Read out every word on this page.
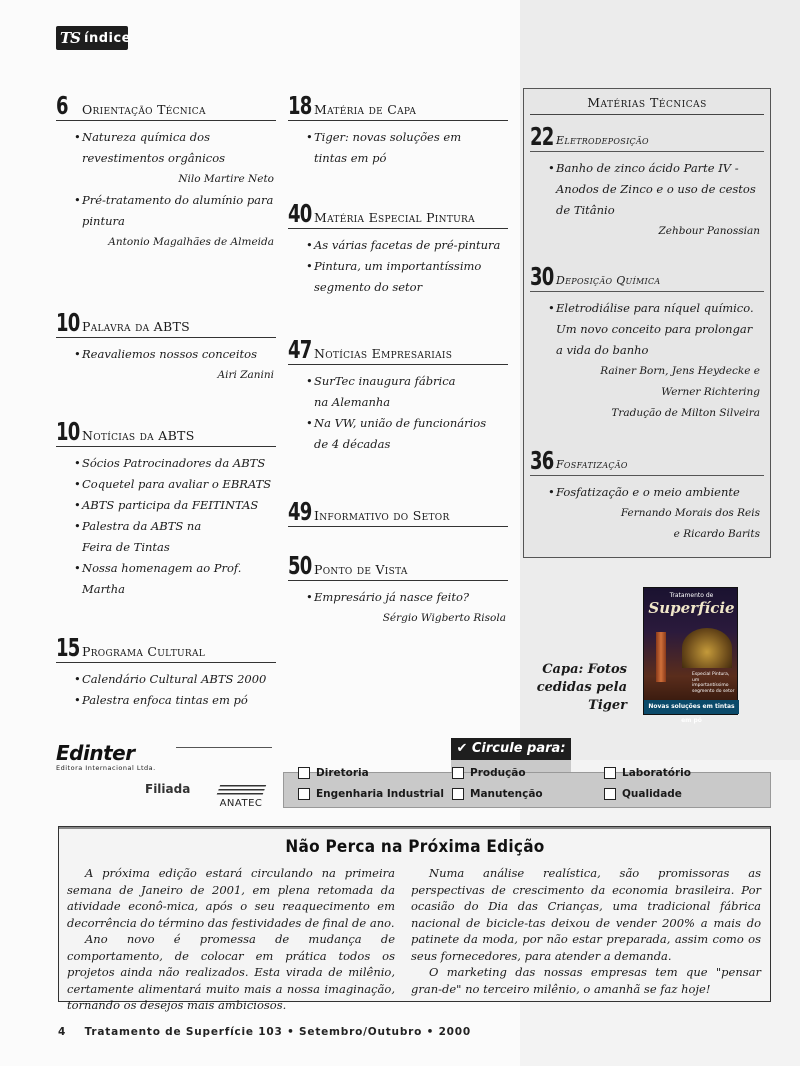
TS índice
6	Orientação Técnica
• Natureza química dos revestimentos orgânicos
Nilo Martire Neto
• Pré-tratamento do alumínio para pintura
Antonio Magalhães de Almeida
10 Palavra da ABTS
• Reavaliemos nossos conceitos
Airi Zanini
10 Notícias da ABTS
• Sócios Patrocinadores da ABTS
• Coquetel para avaliar o EBRATS
• ABTS participa da FEITINTAS
• Palestra da ABTS na Feira de Tintas
• Nossa homenagem ao Prof. Martha
15 Programa Cultural
• Calendário Cultural ABTS 2000
• Palestra enfoca tintas em pó
18 Matéria de Capa
• Tiger: novas soluções em tintas em pó
40 Matéria Especial Pintura
• As várias facetas de pré-pintura
• Pintura, um importantíssimo segmento do setor
47 Notícias Empresariais
• SurTec inaugura fábrica na Alemanha
• Na VW, união de funcionários de 4 décadas
49 Informativo do Setor
50 Ponto de Vista
• Empresário já nasce feito?
Sérgio Wigberto Risola
Matérias Técnicas
22 Eletrodeposição
• Banho de zinco ácido Parte IV - Anodos de Zinco e o uso de cestos de Titânio
Zehbour Panossian
30 Deposição Química
• Eletrodiálise para níquel químico. Um novo conceito para prolongar a vida do banho
Rainer Born, Jens Heydecke e
Werner Richtering
Tradução de Milton Silveira
36 Fosfatização
• Fosfatização e o meio ambiente
Fernando Morais dos Reis
e Ricardo Barits
Tratamento de
Superfície
Especial Pintura, um importantíssimo segmento do setor
Novas soluções em tintas em pó
Capa: Fotos cedidas pela Tiger
Edinter
Editora Internacional Ltda.
Filiada
ANATEC
✔ Circule para:
Diretoria
Engenharia Industrial
Produção
Manutenção
Laboratório
Qualidade
Não Perca na Próxima Edição

A próxima edição estará circulando na primeira semana de Janeiro de 2001, em plena retomada da atividade econô-mica, após o seu reaquecimento em decorrência do término das festividades de final de ano.

Ano novo é promessa de mudança de comportamento, de colocar em prática todos os projetos ainda não realizados. Esta virada de milênio, certamente alimentará muito mais a nossa imaginação, tornando os desejos mais ambiciosos.

Numa análise realística, são promissoras as perspectivas de crescimento da economia brasileira. Por ocasião do Dia das Crianças, uma tradicional fábrica nacional de biciclе-tas deixou de vender 200% a mais do patinete da moda, por não estar preparada, assim como os seus fornecedores, para atender a demanda.

O marketing das nossas empresas tem que "pensar gran-de" no terceiro milênio, o amanhã se faz hoje!

4 Tratamento de Superfície 103 • Setembro/Outubro • 2000
